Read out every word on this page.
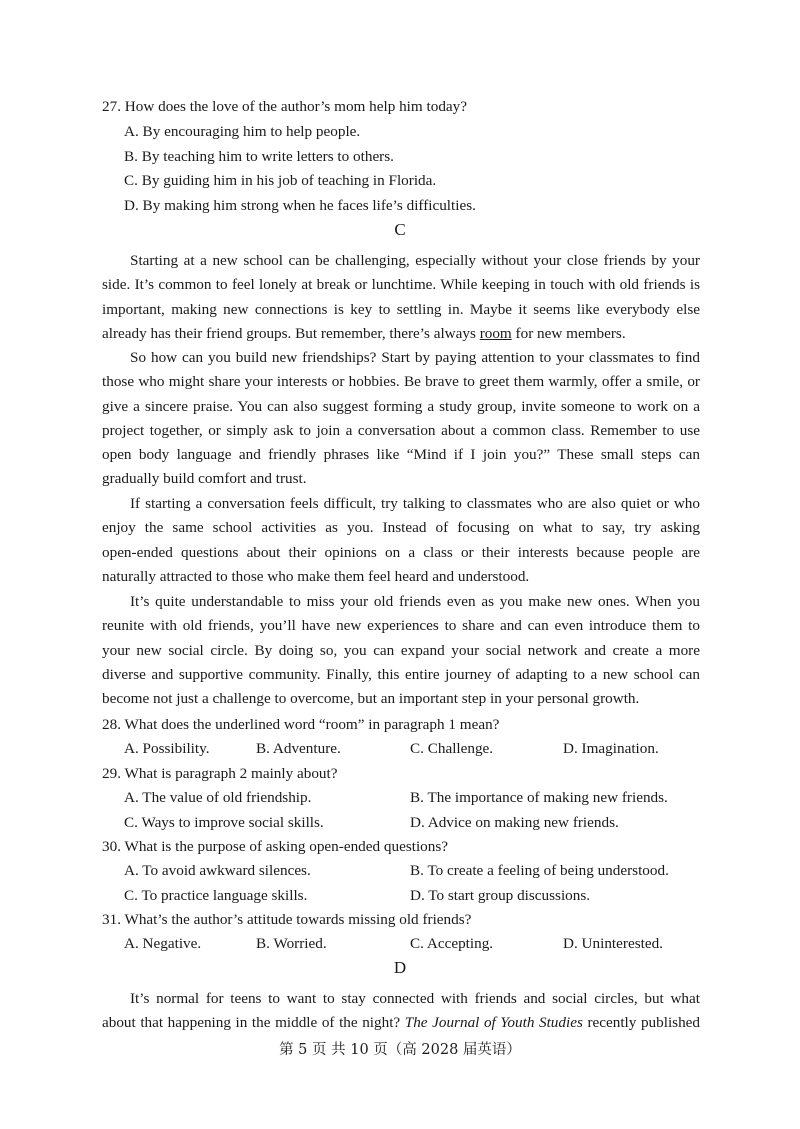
27. How does the love of the author’s mom help him today?
A. By encouraging him to help people.
B. By teaching him to write letters to others.
C. By guiding him in his job of teaching in Florida.
D. By making him strong when he faces life’s difficulties.
C
Starting at a new school can be challenging, especially without your close friends by your
side. It’s common to feel lonely at break or lunchtime. While keeping in touch with old friends is
important, making new connections is key to settling in. Maybe it seems like everybody else
already has their friend groups. But remember, there’s always room for new members.
So how can you build new friendships? Start by paying attention to your classmates to find
those who might share your interests or hobbies. Be brave to greet them warmly, offer a smile, or
give a sincere praise. You can also suggest forming a study group, invite someone to work on a
project together, or simply ask to join a conversation about a common class. Remember to use
open body language and friendly phrases like “Mind if I join you?” These small steps can
gradually build comfort and trust.
If starting a conversation feels difficult, try talking to classmates who are also quiet or who
enjoy the same school activities as you. Instead of focusing on what to say, try asking
open-ended questions about their opinions on a class or their interests because people are
naturally attracted to those who make them feel heard and understood.
It’s quite understandable to miss your old friends even as you make new ones. When you
reunite with old friends, you’ll have new experiences to share and can even introduce them to
your new social circle. By doing so, you can expand your social network and create a more
diverse and supportive community. Finally, this entire journey of adapting to a new school can
become not just a challenge to overcome, but an important step in your personal growth.
28. What does the underlined word “room” in paragraph 1 mean?
A. Possibility.	B. Adventure.	C. Challenge.	D. Imagination.
29. What is paragraph 2 mainly about?
A. The value of old friendship.	B. The importance of making new friends.
C. Ways to improve social skills.	D. Advice on making new friends.
30. What is the purpose of asking open-ended questions?
A. To avoid awkward silences.	B. To create a feeling of being understood.
C. To practice language skills.	D. To start group discussions.
31. What’s the author’s attitude towards missing old friends?
A. Negative.	B. Worried.	C. Accepting.	D. Uninterested.
D
It’s normal for teens to want to stay connected with friends and social circles, but what
about that happening in the middle of the night? The Journal of Youth Studies recently published
第 5 页 共 10 页（高 2028 届英语）
